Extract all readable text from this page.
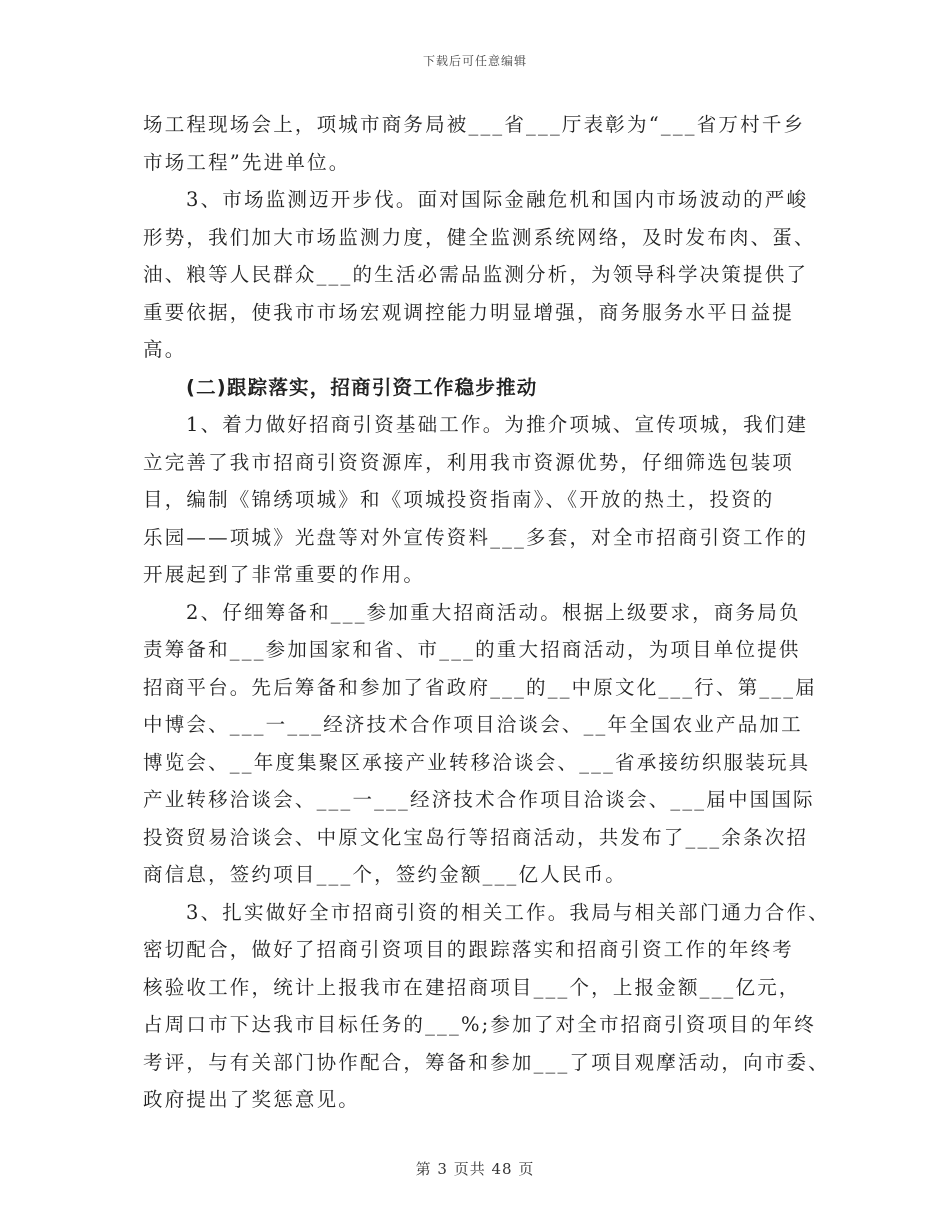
下载后可任意编辑
场工程现场会上，项城市商务局被___省___厅表彰为“___省万村千乡
市场工程”先进单位。
3、市场监测迈开步伐。面对国际金融危机和国内市场波动的严峻
形势，我们加大市场监测力度，健全监测系统网络，及时发布肉、蛋、
油、粮等人民群众___的生活必需品监测分析，为领导科学决策提供了
重要依据，使我市市场宏观调控能力明显增强，商务服务水平日益提
高。
(二)跟踪落实，招商引资工作稳步推动
1、着力做好招商引资基础工作。为推介项城、宣传项城，我们建
立完善了我市招商引资资源库，利用我市资源优势，仔细筛选包装项
目，编制《锦绣项城》和《项城投资指南》、《开放的热土，投资的
乐园——项城》光盘等对外宣传资料___多套，对全市招商引资工作的
开展起到了非常重要的作用。
2、仔细筹备和___参加重大招商活动。根据上级要求，商务局负
责筹备和___参加国家和省、市___的重大招商活动，为项目单位提供
招商平台。先后筹备和参加了省政府___的__中原文化___行、第___届
中博会、___一___经济技术合作项目洽谈会、__年全国农业产品加工
博览会、__年度集聚区承接产业转移洽谈会、___省承接纺织服装玩具
产业转移洽谈会、___一___经济技术合作项目洽谈会、___届中国国际
投资贸易洽谈会、中原文化宝岛行等招商活动，共发布了___余条次招
商信息，签约项目___个，签约金额___亿人民币。
3、扎实做好全市招商引资的相关工作。我局与相关部门通力合作、
密切配合，做好了招商引资项目的跟踪落实和招商引资工作的年终考
核验收工作，统计上报我市在建招商项目___个，上报金额___亿元，
占周口市下达我市目标任务的___%;参加了对全市招商引资项目的年终
考评，与有关部门协作配合，筹备和参加___了项目观摩活动，向市委、
政府提出了奖惩意见。
第 3 页共 48 页
